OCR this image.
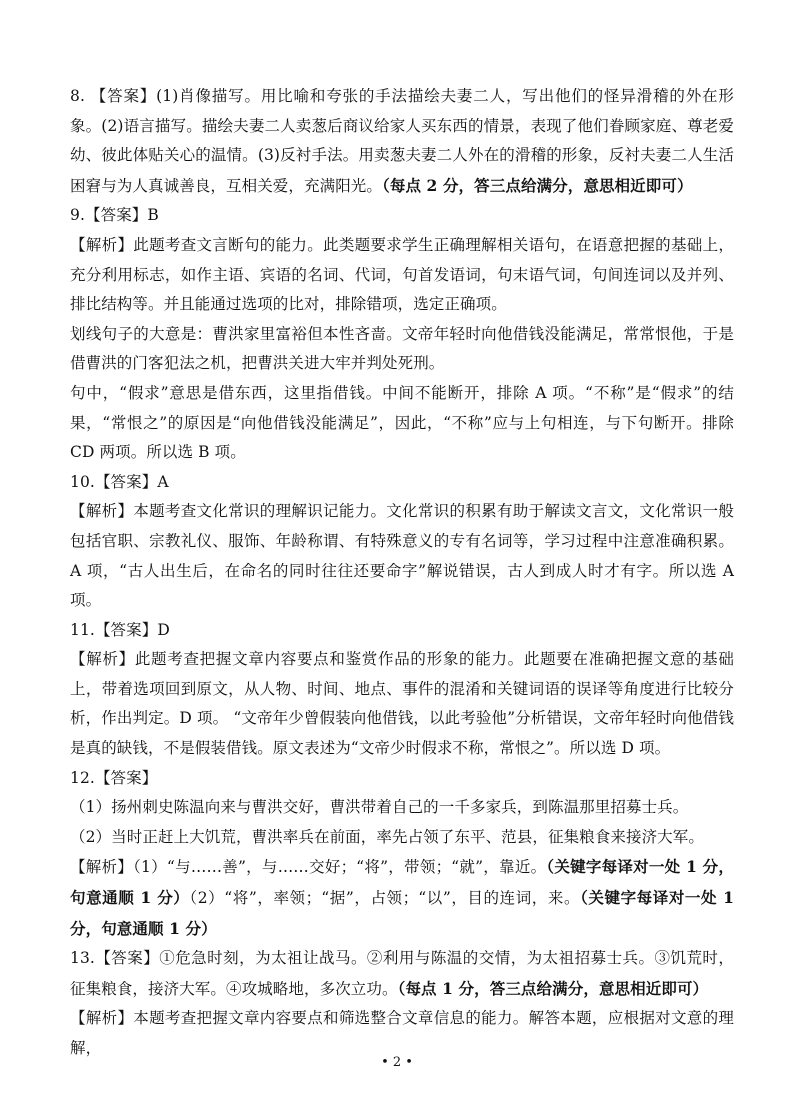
8. 【答案】(1)肖像描写。用比喻和夸张的手法描绘夫妻二人，写出他们的怪异滑稽的外在形象。(2)语言描写。描绘夫妻二人卖葱后商议给家人买东西的情景，表现了他们眷顾家庭、尊老爱幼、彼此体贴关心的温情。(3)反衬手法。用卖葱夫妻二人外在的滑稽的形象，反衬夫妻二人生活困窘与为人真诚善良，互相关爱，充满阳光。（每点 2 分，答三点给满分，意思相近即可）

9.【答案】B

【解析】此题考查文言断句的能力。此类题要求学生正确理解相关语句，在语意把握的基础上，充分利用标志，如作主语、宾语的名词、代词，句首发语词，句末语气词，句间连词以及并列、排比结构等。并且能通过选项的比对，排除错项，选定正确项。

划线句子的大意是：曹洪家里富裕但本性吝啬。文帝年轻时向他借钱没能满足，常常恨他，于是借曹洪的门客犯法之机，把曹洪关进大牢并判处死刑。

句中，“假求”意思是借东西，这里指借钱。中间不能断开，排除 A 项。“不称”是“假求”的结果，“常恨之”的原因是“向他借钱没能满足”，因此，“不称”应与上句相连，与下句断开。排除 CD 两项。所以选 B 项。

10.【答案】A

【解析】本题考查文化常识的理解识记能力。文化常识的积累有助于解读文言文，文化常识一般包括官职、宗教礼仪、服饰、年龄称谓、有特殊意义的专有名词等，学习过程中注意准确积累。A 项，“古人出生后，在命名的同时往往还要命字”解说错误，古人到成人时才有字。所以选 A 项。

11.【答案】D

【解析】此题考查把握文章内容要点和鉴赏作品的形象的能力。此题要在准确把握文意的基础上，带着选项回到原文，从人物、时间、地点、事件的混淆和关键词语的误译等角度进行比较分析，作出判定。D 项。 “文帝年少曾假装向他借钱，以此考验他”分析错误，文帝年轻时向他借钱是真的缺钱，不是假装借钱。原文表述为“文帝少时假求不称，常恨之”。所以选 D 项。

12.【答案】

（1）扬州刺史陈温向来与曹洪交好，曹洪带着自己的一千多家兵，到陈温那里招募士兵。

（2）当时正赶上大饥荒，曹洪率兵在前面，率先占领了东平、范县，征集粮食来接济大军。

【解析】（1）“与……善”，与……交好；“将”，带领；“就”，靠近。（关键字每译对一处 1 分，句意通顺 1 分）（2）“将”，率领；“据”，占领；“以”，目的连词，来。（关键字每译对一处 1 分，句意通顺 1 分）

13.【答案】①危急时刻，为太祖让战马。②利用与陈温的交情，为太祖招募士兵。③饥荒时，征集粮食，接济大军。④攻城略地，多次立功。（每点 1 分，答三点给满分，意思相近即可）

【解析】本题考查把握文章内容要点和筛选整合文章信息的能力。解答本题，应根据对文意的理解，

• 2 •
